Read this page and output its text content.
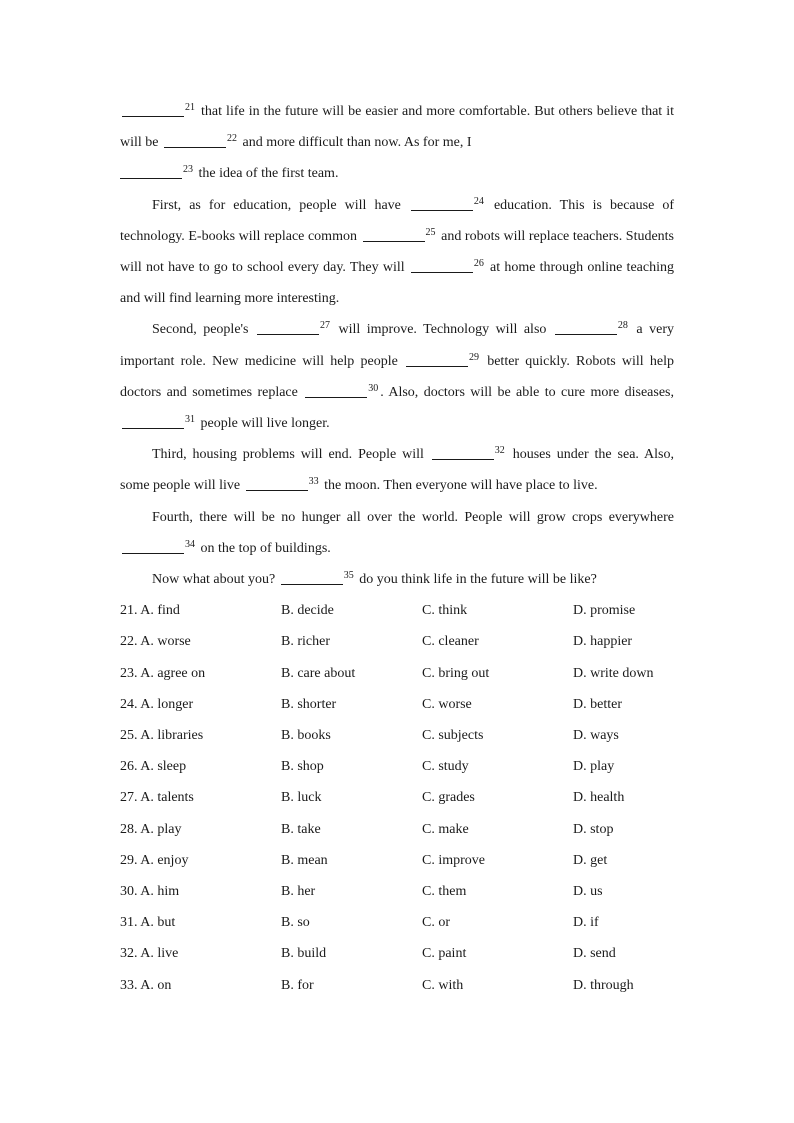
$^{21}$ that life in the future will be easier and more comfortable. But others believe that it will be	$^{22}$ and more difficult than now. As for me, I
$^{23}$ the idea of the first team.

First, as for education, people will have	$^{24}$ education. This is because of technology. E-books will replace common	$^{25}$ and robots will replace teachers. Students will not have to go to school every day. They will	$^{26}$ at home through online teaching and will find learning more interesting.

Second, people's	$^{27}$ will improve. Technology will also	$^{28}$ a very important role. New medicine will help people	$^{29}$ better quickly. Robots will help doctors and sometimes replace	$^{30}$ . Also, doctors will be able to cure more diseases, $^{31}$ people will live longer.

Third, housing problems will end. People will	$^{32}$ houses under the sea. Also, some people will live	$^{33}$ the moon. Then everyone will have place to live.

Fourth, there will be no hunger all over the world. People will grow crops everywhere$^{34}$ on the top of buildings.

Now what about you?	$^{35}$ do you think life in the future will be like?

21. A. find	B. decide	C. think	D. promise
22. A. worse	B. richer	C. cleaner	D. happier
23. A. agree on	B. care about	C. bring out	D. write down
24. A. longer	B. shorter	C. worse	D. better
25. A. libraries	B. books	C. subjects	D. ways
26. A. sleep	B. shop	C. study	D. play
27. A. talents	B. luck	C. grades	D. health
28. A. play	B. take	C. make	D. stop
29. A. enjoy	B. mean	C. improve	D. get
30. A. him	B. her	C. them	D. us
31. A. but	B. so	C. or	D. if
32. A. live	B. build	C. paint	D. send
33. A. on	B. for	C. with	D. through
